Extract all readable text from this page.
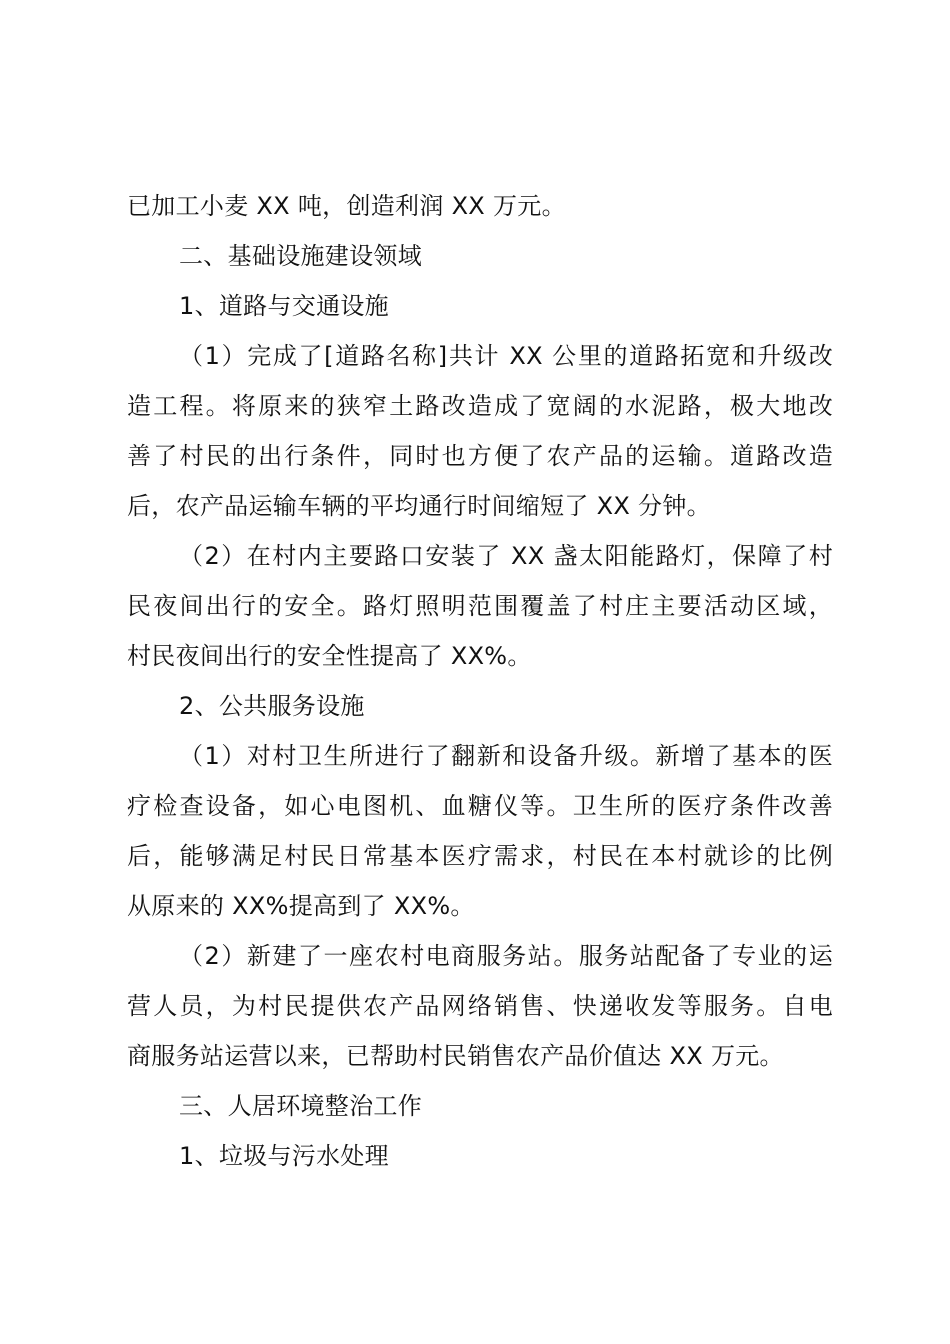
已加工小麦 XX 吨，创造利润 XX 万元。
二、基础设施建设领域
1、道路与交通设施
（1）完成了[道路名称]共计 XX 公里的道路拓宽和升级改
造工程。将原来的狭窄土路改造成了宽阔的水泥路，极大地改
善了村民的出行条件，同时也方便了农产品的运输。道路改造
后，农产品运输车辆的平均通行时间缩短了 XX 分钟。
（2）在村内主要路口安装了 XX 盏太阳能路灯，保障了村
民夜间出行的安全。路灯照明范围覆盖了村庄主要活动区域，
村民夜间出行的安全性提高了 XX%。
2、公共服务设施
（1）对村卫生所进行了翻新和设备升级。新增了基本的医
疗检查设备，如心电图机、血糖仪等。卫生所的医疗条件改善
后，能够满足村民日常基本医疗需求，村民在本村就诊的比例
从原来的 XX%提高到了 XX%。
（2）新建了一座农村电商服务站。服务站配备了专业的运
营人员，为村民提供农产品网络销售、快递收发等服务。自电
商服务站运营以来，已帮助村民销售农产品价值达 XX 万元。
三、人居环境整治工作
1、垃圾与污水处理
